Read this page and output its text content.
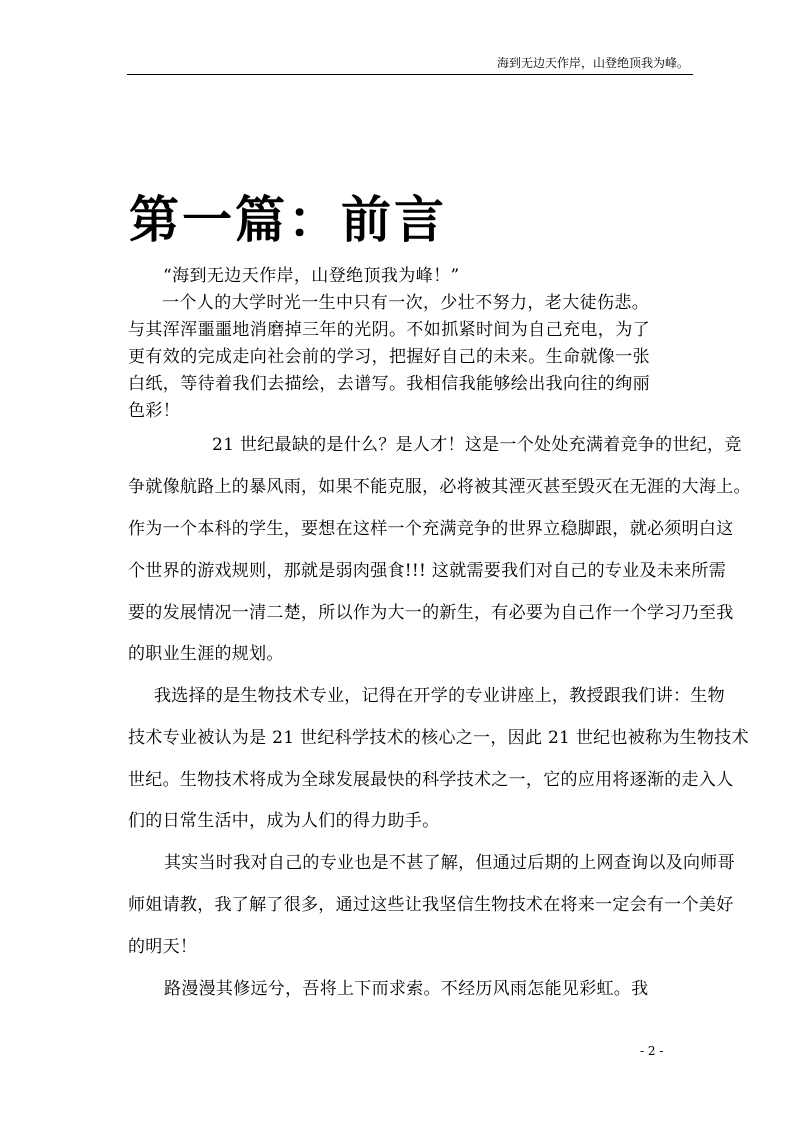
海到无边天作岸，山登绝顶我为峰。
第一篇：前言
“海到无边天作岸，山登绝顶我为峰！”
一个人的大学时光一生中只有一次，少壮不努力，老大徒伤悲。
与其浑浑噩噩地消磨掉三年的光阴。不如抓紧时间为自己充电，为了
更有效的完成走向社会前的学习，把握好自己的未来。生命就像一张
白纸，等待着我们去描绘，去谱写。我相信我能够绘出我向往的绚丽
色彩！
21 世纪最缺的是什么？是人才！这是一个处处充满着竞争的世纪，竞
争就像航路上的暴风雨，如果不能克服，必将被其湮灭甚至毁灭在无涯的大海上。
作为一个本科的学生，要想在这样一个充满竞争的世界立稳脚跟，就必须明白这
个世界的游戏规则，那就是弱肉强食!!! 这就需要我们对自己的专业及未来所需
要的发展情况一清二楚，所以作为大一的新生，有必要为自己作一个学习乃至我
的职业生涯的规划。
我选择的是生物技术专业，记得在开学的专业讲座上，教授跟我们讲：生物
技术专业被认为是 21 世纪科学技术的核心之一，因此 21 世纪也被称为生物技术
世纪。生物技术将成为全球发展最快的科学技术之一，它的应用将逐渐的走入人
们的日常生活中，成为人们的得力助手。
其实当时我对自己的专业也是不甚了解，但通过后期的上网查询以及向师哥
师姐请教，我了解了很多，通过这些让我坚信生物技术在将来一定会有一个美好
的明天！
路漫漫其修远兮，吾将上下而求索。不经历风雨怎能见彩虹。我
- 2 -
